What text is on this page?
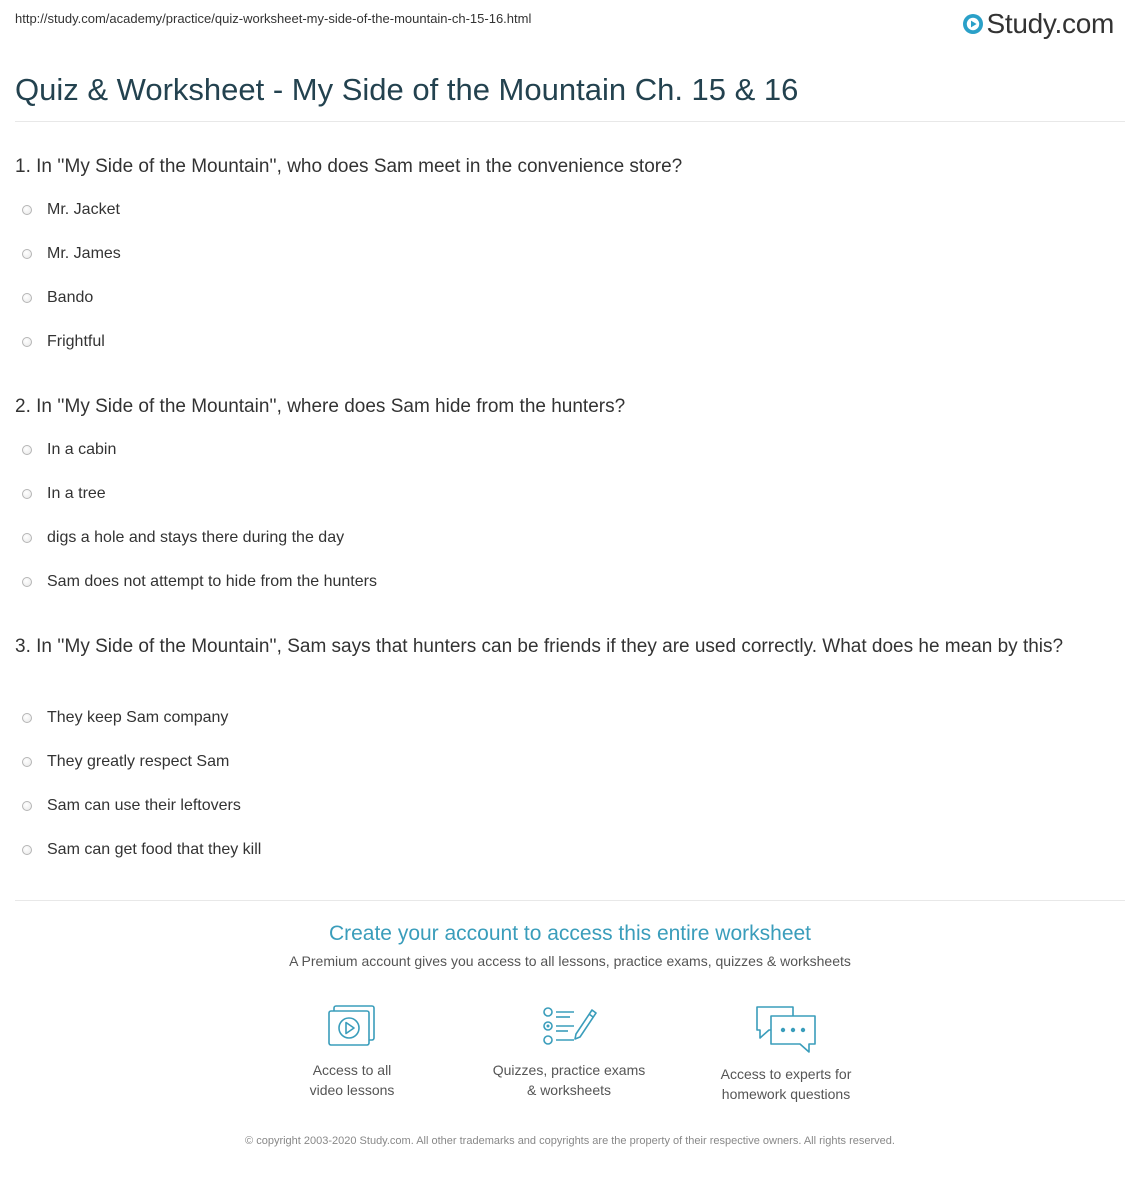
http://study.com/academy/practice/quiz-worksheet-my-side-of-the-mountain-ch-15-16.html	Study.com
Quiz & Worksheet - My Side of the Mountain Ch. 15 & 16
1. In ''My Side of the Mountain'', who does Sam meet in the convenience store?
Mr. Jacket
Mr. James
Bando
Frightful
2. In ''My Side of the Mountain'', where does Sam hide from the hunters?
In a cabin
In a tree
digs a hole and stays there during the day
Sam does not attempt to hide from the hunters
3. In ''My Side of the Mountain'', Sam says that hunters can be friends if they are used correctly. What does he mean by this?
They keep Sam company
They greatly respect Sam
Sam can use their leftovers
Sam can get food that they kill
Create your account to access this entire worksheet
A Premium account gives you access to all lessons, practice exams, quizzes & worksheets
Access to all
video lessons
Quizzes, practice exams
& worksheets
Access to experts for
homework questions
© copyright 2003-2020 Study.com. All other trademarks and copyrights are the property of their respective owners. All rights reserved.
